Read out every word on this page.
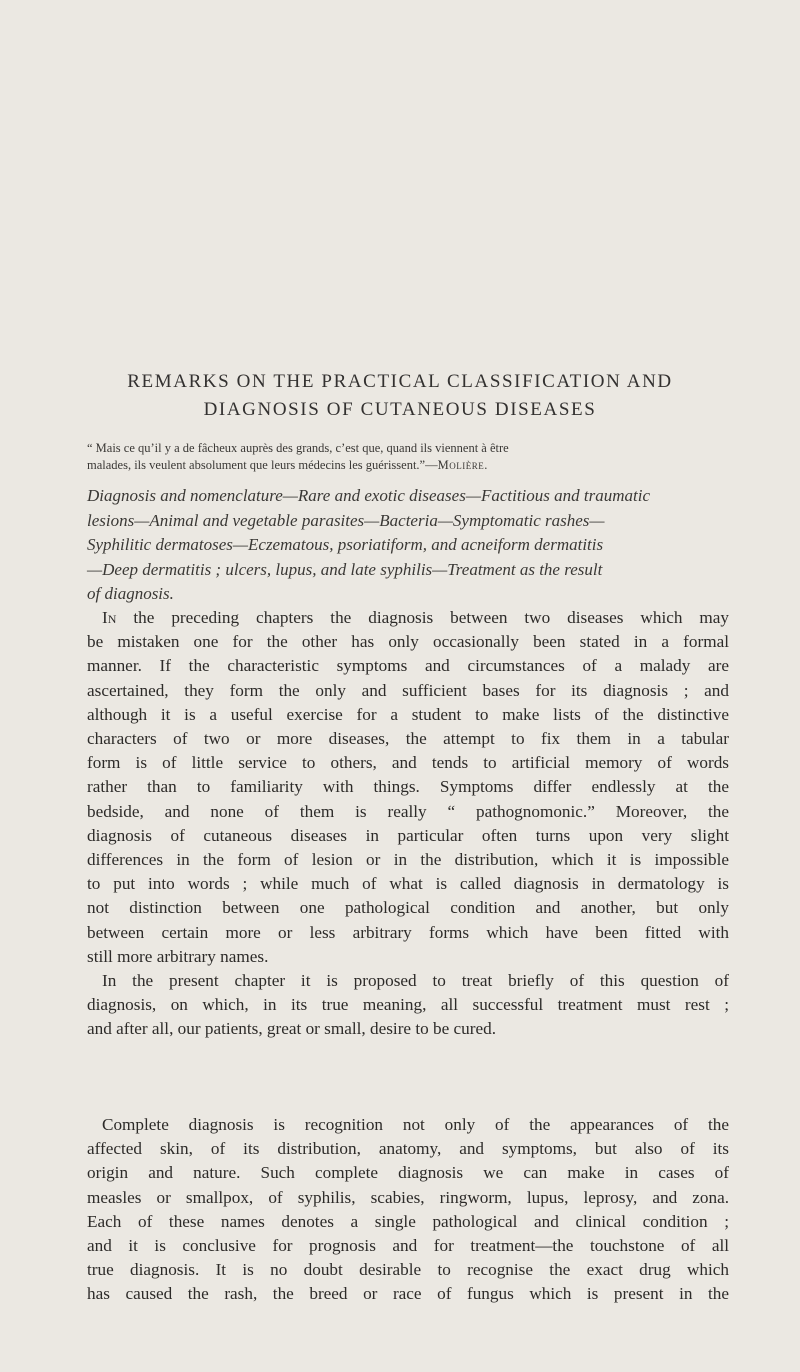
REMARKS ON THE PRACTICAL CLASSIFICATION AND
DIAGNOSIS OF CUTANEOUS DISEASES
“ Mais ce qu’il y a de fâcheux auprès des grands, c’est que, quand ils viennent à être
malades, ils veulent absolument que leurs médecins les guérissent.”—Molière.
Diagnosis and nomenclature—Rare and exotic diseases—Factitious and traumatic
lesions—Animal and vegetable parasites—Bacteria—Symptomatic rashes—
Syphilitic dermatoses—Eczematous, psoriatiform, and acneiform dermatitis
—Deep dermatitis ; ulcers, lupus, and late syphilis—Treatment as the result
of diagnosis.
In the preceding chapters the diagnosis between two diseases which may
be mistaken one for the other has only occasionally been stated in a formal
manner. If the characteristic symptoms and circumstances of a malady are
ascertained, they form the only and sufficient bases for its diagnosis ; and
although it is a useful exercise for a student to make lists of the distinctive
characters of two or more diseases, the attempt to fix them in a tabular
form is of little service to others, and tends to artificial memory of words
rather than to familiarity with things. Symptoms differ endlessly at the
bedside, and none of them is really “ pathognomonic.” Moreover, the
diagnosis of cutaneous diseases in particular often turns upon very slight
differences in the form of lesion or in the distribution, which it is impossible
to put into words ; while much of what is called diagnosis in dermatology is
not distinction between one pathological condition and another, but only
between certain more or less arbitrary forms which have been fitted with
still more arbitrary names.
In the present chapter it is proposed to treat briefly of this question of
diagnosis, on which, in its true meaning, all successful treatment must rest ;
and after all, our patients, great or small, desire to be cured.
Complete diagnosis is recognition not only of the appearances of the
affected skin, of its distribution, anatomy, and symptoms, but also of its
origin and nature. Such complete diagnosis we can make in cases of
measles or smallpox, of syphilis, scabies, ringworm, lupus, leprosy, and zona.
Each of these names denotes a single pathological and clinical condition ;
and it is conclusive for prognosis and for treatment—the touchstone of all
true diagnosis. It is no doubt desirable to recognise the exact drug which
has caused the rash, the breed or race of fungus which is present in the
